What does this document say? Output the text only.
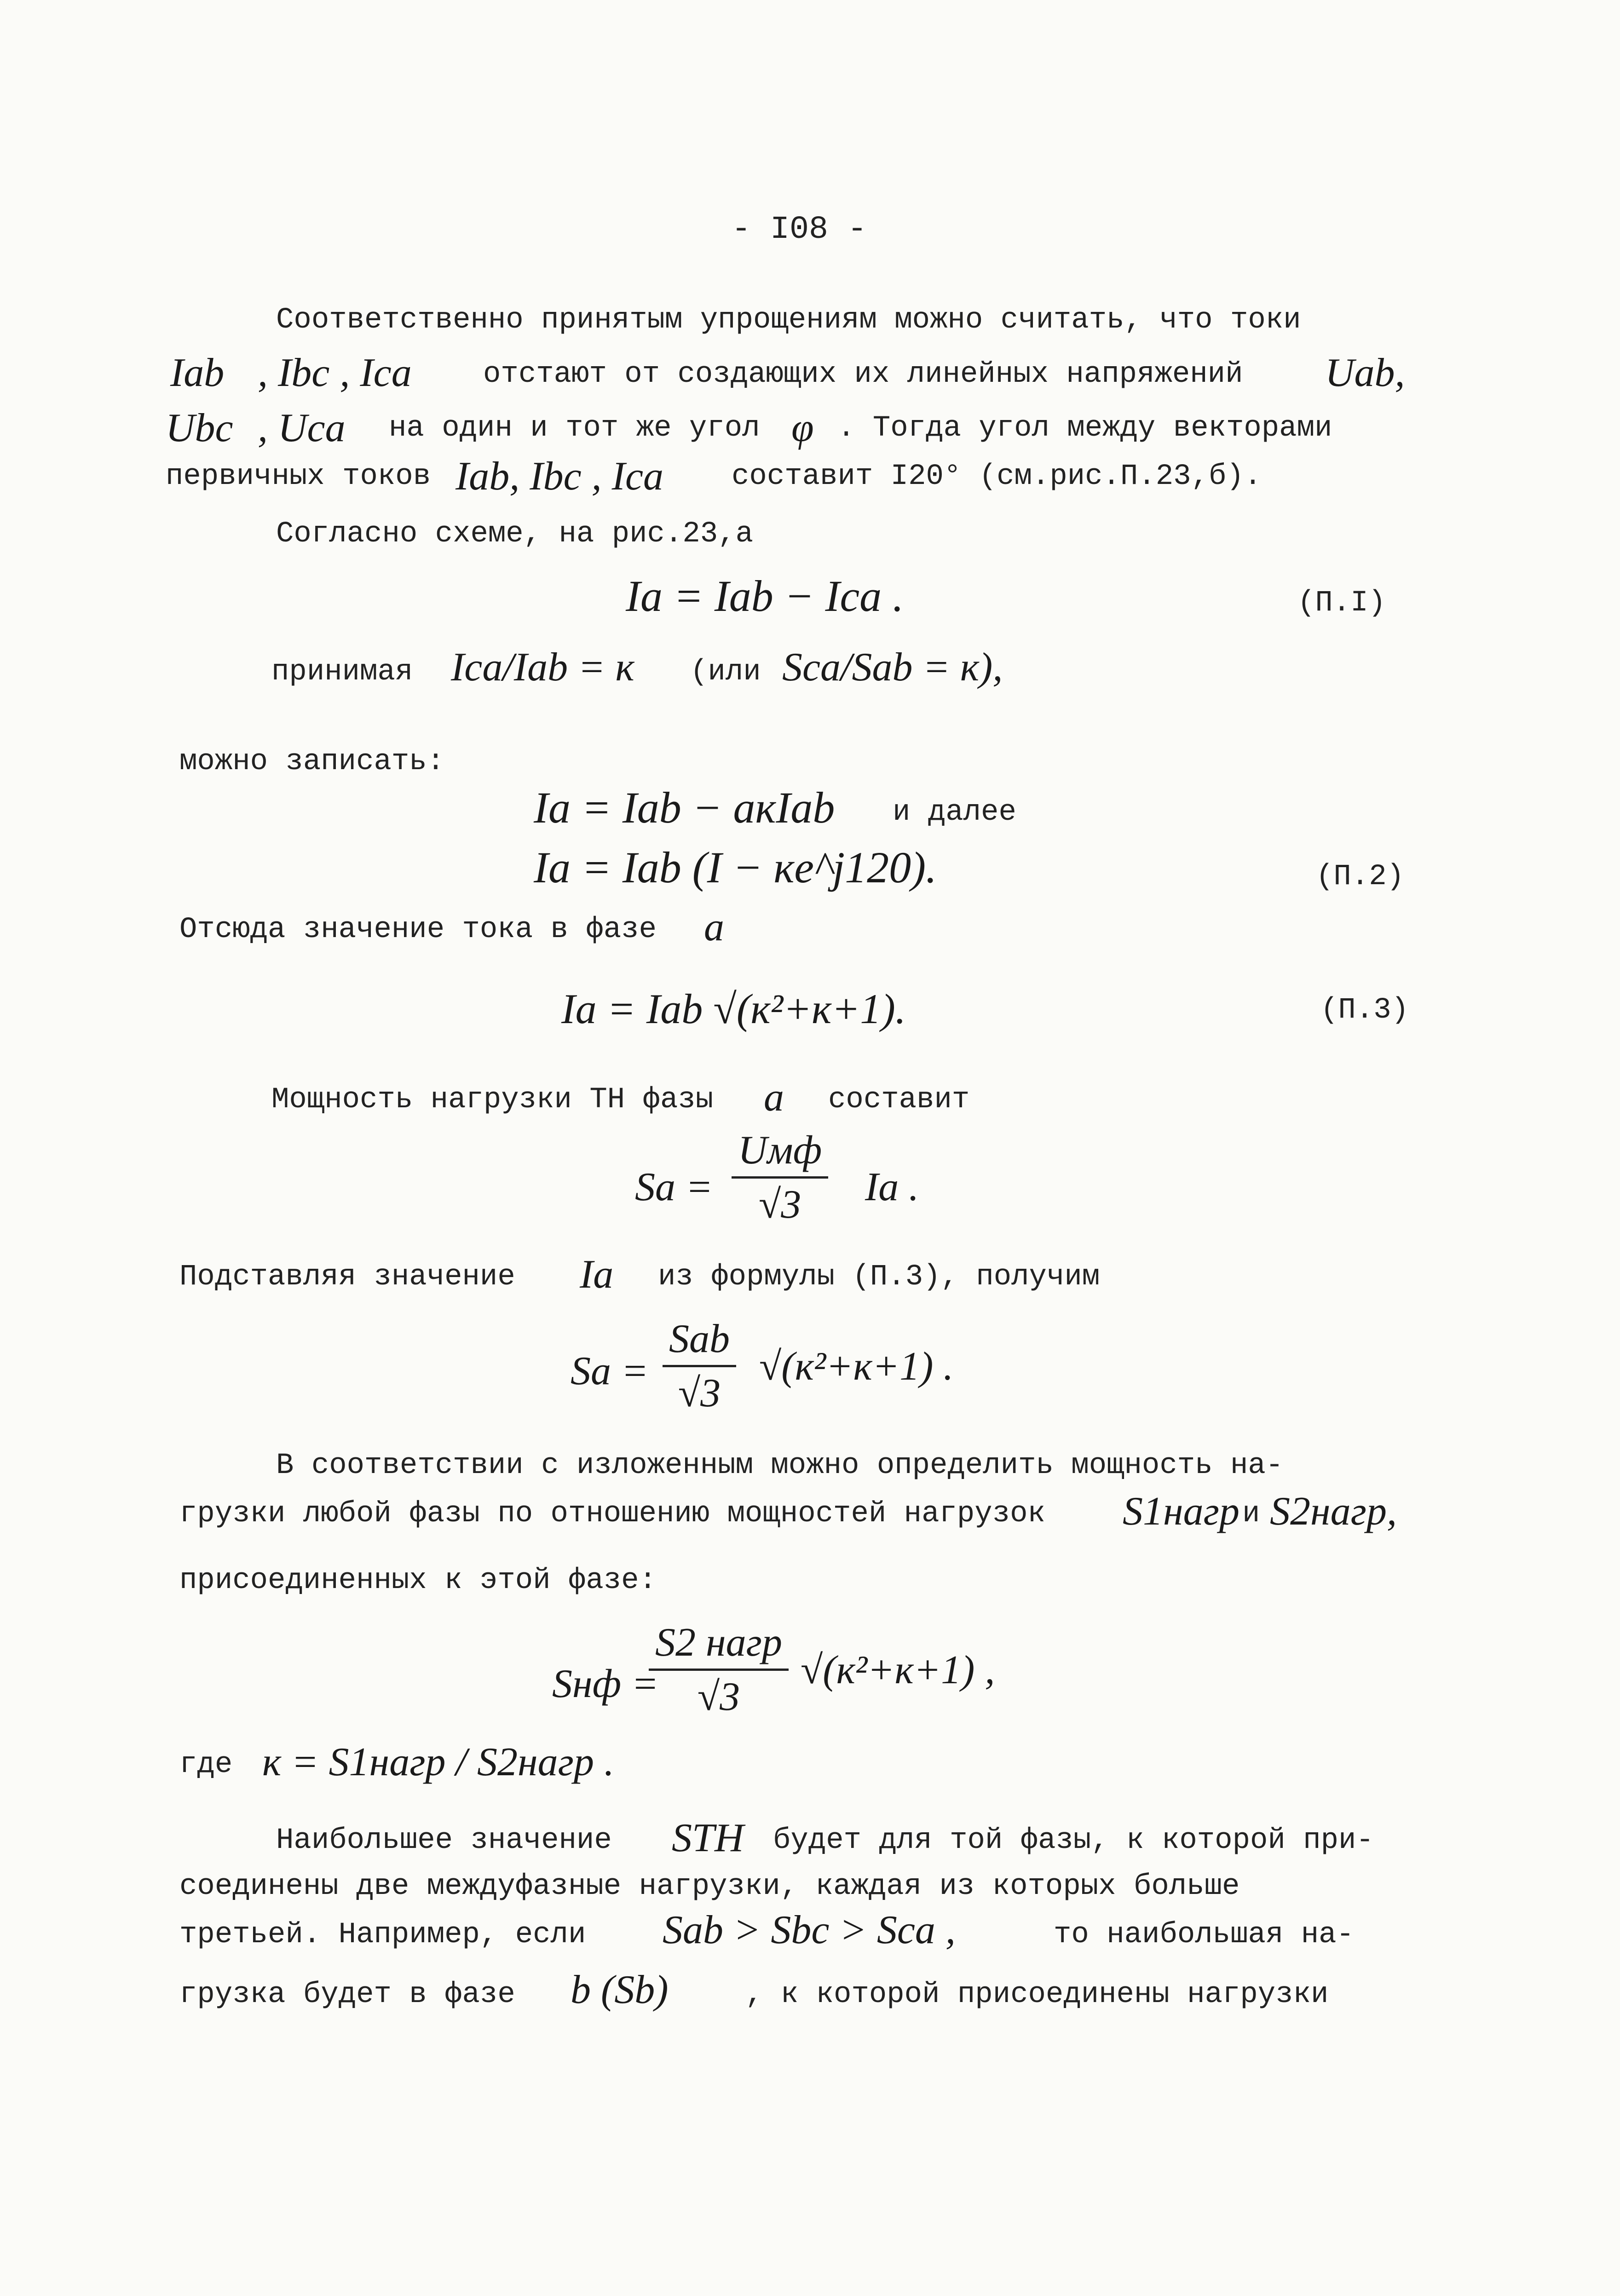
- I08 -
Соответственно принятым упрощениям можно считать, что токи
Iab , Ibc , Ica отстают от создающих их линейных напряжений Uab,
Ubc , Uca на один и тот же угол φ . Тогда угол между векторами
первичных токов Iab, Ibc , Ica составит I20° (см.рис.П.23,б).
Согласно схеме, на рис.23,а
Ia = Iab − Ica .	(П.I)
принимая Ica/Iab = к (или Sca/Sab = к),
можно записать:
Ia = Iab − aкIab и далее
Ia = Iab (I − кe^j120).	(П.2)
Отсюда значение тока в фазе a
Ia = Iab √(к²+к+1).	(П.3)
Мощность нагрузки ТН фазы a составит
Sa =
Uмф
√3 Ia .
Подставляя значение Ia из формулы (П.3), получим
Sa =
Sab
√3
√(к²+к+1) .
В соответствии с изложенным можно определить мощность на-
грузки любой фазы по отношению мощностей нагрузок S1нагр и S2нагр,
присоединенных к этой фазе:
Sнф =
S2 нагр
√3
√(к²+к+1) ,
где к = S1нагр / S2нагр .
Наибольшее значение STH будет для той фазы, к которой при-
соединены две междуфазные нагрузки, каждая из которых больше
третьей. Например, если Sab > Sbc > Sca ,	то наибольшая на-
грузка будет в фазе b (Sb)	, к которой присоединены нагрузки
